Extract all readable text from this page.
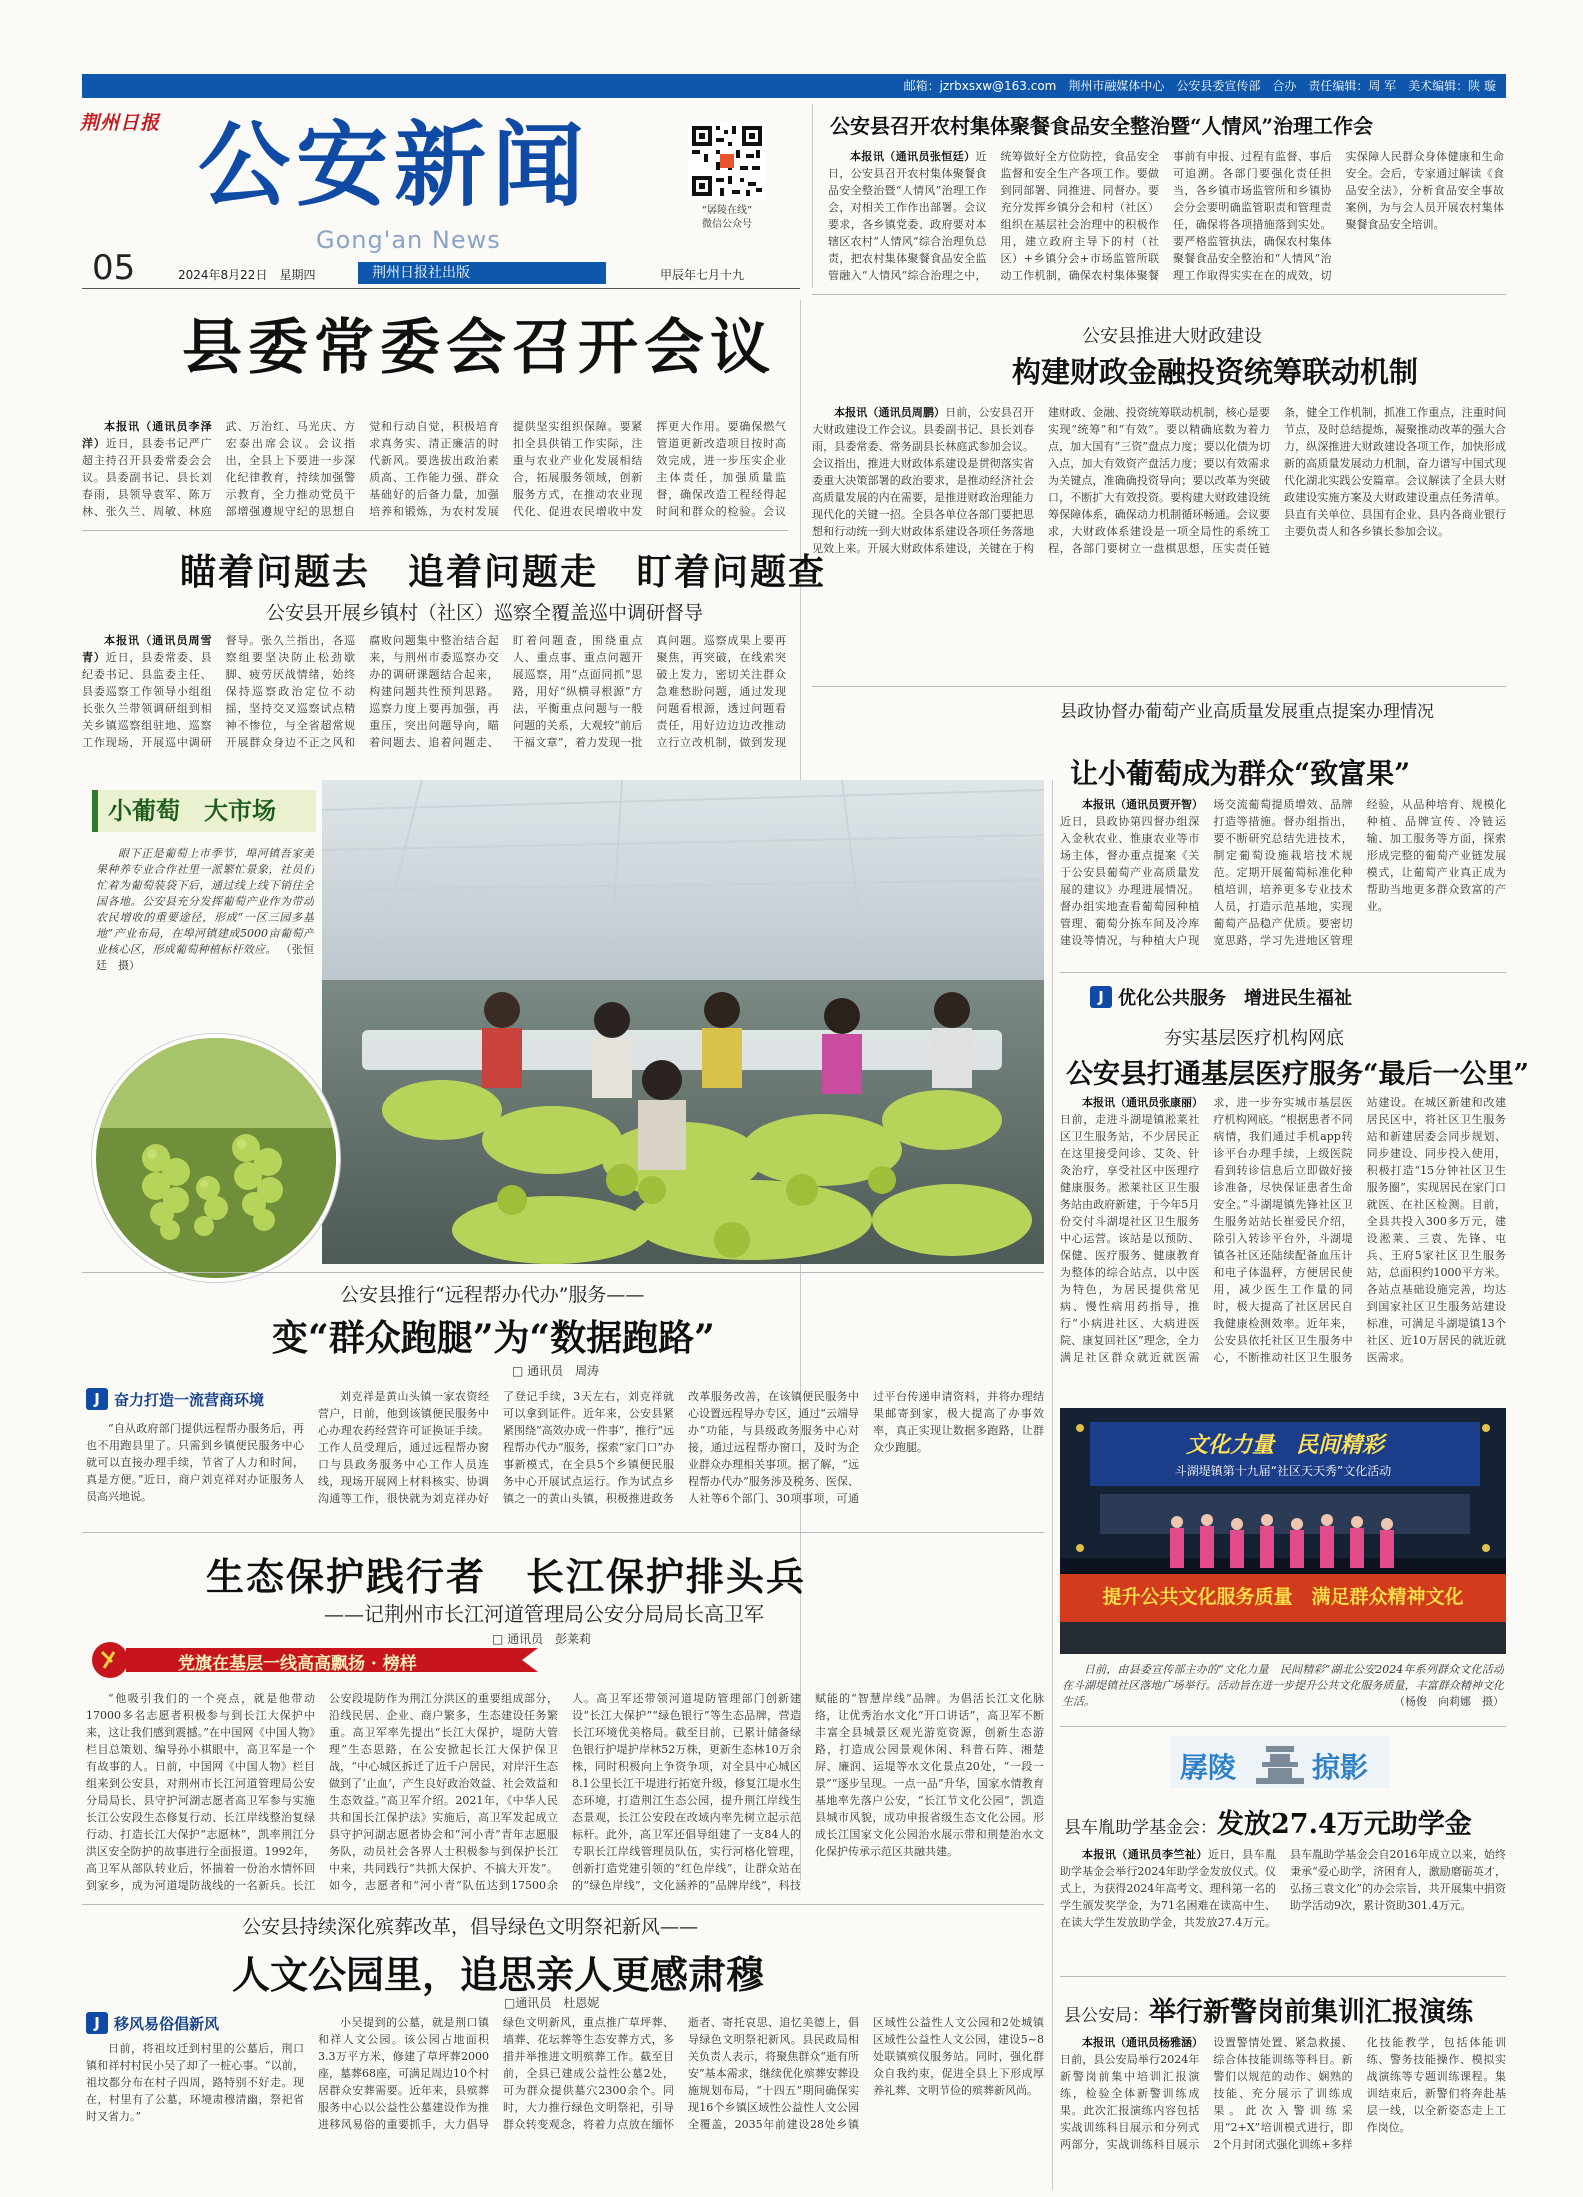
邮箱：jzrbxsxw@163.com　荆州市融媒体中心　公安县委宣传部　合办　责任编辑：周 军　美术编辑：陕 璇
荆州日报 公安新闻
Gong'an News
“孱陵在线”
微信公众号
05	2024年8月22日　星期四	荆州日报社出版	甲辰年七月十九
公安县召开农村集体聚餐食品安全整治暨“人情风”治理工作会
本报讯（通讯员张恒廷）近日，公安县召开农村集体聚餐食品安全整治暨“人情风”治理工作会，对相关工作作出部署。会议要求，各乡镇党委、政府要对本辖区农村“人情风”综合治理负总责，把农村集体聚餐食品安全监管融入“人情风”综合治理之中，统筹做好全方位防控，食品安全监督和安全生产各项工作。要做到同部署、同推进、同督办。要充分发挥乡镇分会和村（社区）组织在基层社会治理中的积极作用，建立政府主导下的村（社区）+乡镇分会+市场监管所联动工作机制，确保农村集体聚餐事前有申报、过程有监督、事后可追溯。各部门要强化责任担当，各乡镇市场监管所和乡镇协会分会要明确监管职责和管理责任，确保将各项措施落到实处。要严格监管执法，确保农村集体聚餐食品安全整治和“人情风”治理工作取得实实在在的成效，切实保障人民群众身体健康和生命安全。会后，专家通过解读《食品安全法》，分析食品安全事故案例，为与会人员开展农村集体聚餐食品安全培训。
县委常委会召开会议
本报讯（通讯员李泽洋）近日，县委书记严广超主持召开县委常委会会议。县委副书记、县长刘春雨，县领导袁军、陈万林、张久兰、周敏、林庭武、万治红、马光庆、方宏泰出席会议。会议指出，全县上下要进一步深化纪律教育，持续加强警示教育，全力推动党员干部增强遵规守纪的思想自觉和行动自觉，积极培育求真务实、清正廉洁的时代新风。要选拔出政治素质高、工作能力强、群众基础好的后备力量，加强培养和锻炼，为农村发展提供坚实组织保障。要紧扣全县供销工作实际，注重与农业产业化发展相结合，拓展服务领域，创新服务方式，在推动农业现代化、促进农民增收中发挥更大作用。要确保燃气管道更新改造项目按时高效完成，进一步压实企业主体责任，加强质量监督，确保改造工程经得起时间和群众的检验。会议
公安县推进大财政建设
构建财政金融投资统筹联动机制
本报讯（通讯员周鹏）日前，公安县召开大财政建设工作会议。县委副书记、县长刘春雨，县委常委、常务副县长林庭武参加会议。会议指出，推进大财政体系建设是贯彻落实省委重大决策部署的政治要求，是推动经济社会高质量发展的内在需要，是推进财政治理能力现代化的关键一招。全县各单位各部门要把思想和行动统一到大财政体系建设各项任务落地见效上来。开展大财政体系建设，关键在于构建财政、金融、投资统筹联动机制，核心是要实现“统筹”和“有效”。要以精确底数为着力点，加大国有“三资”盘点力度；要以化债为切入点，加大有效资产盘活力度；要以有效需求为关键点，准确确投资导向；要以改革为突破口，不断扩大有效投资。要构建大财政建设统筹保障体系，确保动力机制循环畅通。会议要求，大财政体系建设是一项全局性的系统工程，各部门要树立一盘棋思想，压实责任链条，健全工作机制，抓准工作重点，注重时间节点，及时总结提炼，凝聚推动改革的强大合力，纵深推进大财政建设各项工作，加快形成新的高质量发展动力机制，奋力谱写中国式现代化湖北实践公安篇章。会议解读了全县大财政建设实施方案及大财政建设重点任务清单。县直有关单位、县国有企业、县内各商业银行主要负责人和各乡镇长参加会议。
瞄着问题去　追着问题走　盯着问题查
公安县开展乡镇村（社区）巡察全覆盖巡中调研督导
本报讯（通讯员周雪青）近日，县委常委、县纪委书记、县监委主任、县委巡察工作领导小组组长张久兰带领调研组到相关乡镇巡察组驻地、巡察工作现场，开展巡中调研督导。张久兰指出，各巡察组要坚决防止松劲歇脚、疲劳厌战情绪，始终保持巡察政治定位不动摇，坚持交叉巡察试点精神不惨位，与全省超常规开展群众身边不正之风和腐败问题集中整治结合起来，与荆州市委巡察办交办的调研课题结合起来，构建问题共性预判思路。巡察力度上要再加强，再重压，突出问题导向，瞄着问题去、追着问题走、盯着问题查，围绕重点人、重点事、重点问题开展巡察，用“点面同抓”思路，用好“纵横寻根源”方法，平衡重点问题与一般问题的关系，大观较“前后干福文章”，着力发现一批真问题。巡察成果上要再聚焦，再突破，在线索突破上发力，密切关注群众急难愁盼问题，通过发现问题看根源，透过问题看责任，用好边边边改推动立行立改机制，做到发现
县政协督办葡萄产业高质量发展重点提案办理情况
让小葡萄成为群众“致富果”
本报讯（通讯员贾开智）近日，县政协第四督办组深入金秋农业、惟康农业等市场主体，督办重点提案《关于公安县葡萄产业高质量发展的建议》办理进展情况。督办组实地查看葡萄园种植管理、葡萄分拣车间及冷库建设等情况，与种植大户现场交流葡萄提质增效、品牌打造等措施。督办组指出，要不断研究总结先进技术，制定葡萄设施栽培技术规范。定期开展葡萄标准化种植培训，培养更多专业技术人员，打造示范基地，实现葡萄产品稳产优质。要密切宽思路，学习先进地区管理经验，从品种培育、规模化种植、品牌宣传、冷链运输、加工服务等方面，探索形成完整的葡萄产业链发展模式，让葡萄产业真正成为帮助当地更多群众致富的产业。
小葡萄　大市场
眼下正是葡萄上市季节，埠河镇吾家美果种养专业合作社里一派繁忙景象，社员们忙着为葡萄装袋下后，通过线上线下销往全国各地。公安县充分发挥葡萄产业作为带动农民增收的重要途径，形成“一区三园多基地”产业布局，在埠河镇建成5000亩葡萄产业核心区，形成葡萄种植标杆效应。 （张恒廷　摄）
J 优化公共服务　增进民生福祉
夯实基层医疗机构网底
公安县打通基层医疗服务“最后一公里”
本报讯（通讯员张康丽）日前，走进斗湖堤镇淞莱社区卫生服务站，不少居民正在这里接受问诊、艾灸、针灸治疗，享受社区中医理疗健康服务。淞莱社区卫生服务站由政府新建，于今年5月份交付斗湖堤社区卫生服务中心运营。该站是以预防、保健、医疗服务、健康教育为整体的综合站点，以中医为特色，为居民提供常见病、慢性病用药指导，推行“小病进社区、大病进医院、康复回社区”理念，全力满足社区群众就近就医需求，进一步夯实城市基层医疗机构网底。“根据患者不同病情，我们通过手机app转诊平台办理手续，上级医院看到转诊信息后立即做好接诊准备，尽快保证患者生命安全。”斗湖堤镇先锋社区卫生服务站站长崔爱民介绍，除引入转诊平台外，斗湖堤镇各社区还陆续配备血压计和电子体温秤，方便居民使用，减少医生工作量的同时，极大提高了社区居民自我健康检测效率。近年来，公安县依托社区卫生服务中心，不断推动社区卫生服务站建设。在城区新建和改建居民区中，将社区卫生服务站和新建居委会同步规划、同步建设、同步投入使用，积极打造“15分钟社区卫生服务圈”，实现居民在家门口就医、在社区检测。目前，全县共投入300多万元，建设淞莱、三袁、先锋、屯兵、王府5家社区卫生服务站，总面积约1000平方米。各站点基础设施完善，均达到国家社区卫生服务站建设标准，可满足斗湖堤镇13个社区、近10万居民的就近就医需求。
公安县推行“远程帮办代办”服务——
变“群众跑腿”为“数据跑路”
□ 通讯员　周涛
J 奋力打造一流营商环境
“自从政府部门提供远程帮办服务后，再也不用跑县里了。只需到乡镇便民服务中心就可以直接办理手续，节省了人力和时间，真是方便。”近日，商户刘克祥对办证服务人员高兴地说。
刘克祥是黄山头镇一家农资经营户，日前，他到该镇便民服务中心办理农药经营许可证换证手续。工作人员受理后，通过远程帮办窗口与县政务服务中心工作人员连线，现场开展网上材料核实、协调沟通等工作，很快就为刘克祥办好了登记手续，3天左右，刘克祥就可以拿到证件。近年来，公安县紧紧围绕“高效办成一件事”，推行“远程帮办代办”服务，探索“家门口”办事新模式，在全县5个乡镇便民服务中心开展试点运行。作为试点乡镇之一的黄山头镇，积极推进政务改革服务改善，在该镇便民服务中心设置远程导办专区，通过“云端导办”功能，与县级政务服务中心对接，通过远程帮办窗口，及时为企业群众办理相关事项。据了解，“远程帮办代办”服务涉及税务、医保、人社等6个部门、30项事项，可通过平台传递申请资料，并将办理结果邮寄到家，极大提高了办事效率，真正实现让数据多跑路，让群众少跑腿。	文化力量　民间精彩
斗湖堤镇第十九届“社区天天秀”文化活动
提升公共文化服务质量　满足群众精神文化
日前，由县委宣传部主办的“文化力量　民间精彩”湖北公安2024年系列群众文化活动在斗湖堤镇社区落地广场举行。活动旨在进一步提升公共文化服务质量，丰富群众精神文化生活。	（杨俊　向莉娜　摄）
生态保护践行者　长江保护排头兵
——记荆州市长江河道管理局公安分局局长高卫军
□ 通讯员　彭莱莉
党旗在基层一线高高飘扬 · 榜样
“他吸引我们的一个亮点，就是他带动17000多名志愿者积极参与到长江大保护中来，这让我们感到震撼。”在中国网《中国人物》栏目总策划、编导孙小棋眼中，高卫军是一个有故事的人。日前，中国网《中国人物》栏目组来到公安县，对荆州市长江河道管理局公安分局局长、县守护河湖志愿者高卫军参与实施长江公安段生态修复行动、长江岸线整治复绿行动、打造长江大保护“志愿林”，凯率荆江分洪区安全防护的故事进行全面报道。1992年，高卫军从部队转业后，怀揣着一份治水情怀回到家乡，成为河道堤防战线的一名新兵。长江公安段堤防作为荆江分洪区的重要组成部分，沿线民居、企业、商户繁多，生态建设任务繁重。高卫军率先提出“长江大保护，堤防大管理”生态思路，在公安掀起长江大保护保卫战，“中心城区拆迁了近千户居民，对岸汗生态做到了‘止血’，产生良好政治效益、社会效益和生态效益。”高卫军介绍。2021年，《中华人民共和国长江保护法》实施后，高卫军发起成立县守护河湖志愿者协会和“河小青”青年志愿服务队，动员社会各界人士积极参与到保护长江中来，共同践行“共抓大保护、不搞大开发”。如今，志愿者和“河小青”队伍达到17500余人。高卫军还带领河道堤防管理部门创新建设“长江大保护”“绿色银行”等生态品牌，营造长江环境优美格局。截至目前，已累计储备绿色银行护堤护岸林52万株，更新生态林10万余株，同时积极向上争资争项，对全县中心城区8.1公里长江干堤进行拓宽升级，修复江堤水生态环境，打造荆江生态公园，提升荆江岸线生态景观，长江公安段在改域内率先树立起示范标杆。此外，高卫军还倡导组建了一支84人的专职长江岸线管理员队伍，实行河格化管理，创新打造党建引领的“红色岸线”，让群众站在的“绿色岸线”，文化涵养的“品牌岸线”，科技赋能的“智慧岸线”品牌。为倡活长江文化脉络，让优秀治水文化“开口讲话”，高卫军不断丰富全县城景区观光游览资源，创新生态游路，打造成公园景观休闲、科普石阵、湘楚屏、廉润、运堤等水文化景点20处，“一段一景”“逐步呈现。一点一品”升华，国家水情教育基地率先落户公安，“长江节文化公园”，凯造县城市风貌，成功申报省级生态文化公园。形成长江国家文化公园治水展示带和荆楚治水文化保护传承示范区共融共建。
公安县持续深化殡葬改革，倡导绿色文明祭祀新风——
人文公园里，追思亲人更感肃穆
□通讯员　杜恩妮
J 移风易俗倡新风
日前，将祖坟迁到村里的公墓后，荆口镇和祥村村民小吴了却了一桩心事。“以前，祖坟都分布在村子四周，路特别不好走。现在，村里有了公墓，环境肃穆清幽，祭祀省时又省力。”
小吴提到的公墓，就是荆口镇和祥人文公园。该公园占地面积3.3万平方米，修建了草坪葬2000座，墓葬68座，可满足周边10个村居群众安葬需要。近年来，县殡葬服务中心以公益性公墓建设作为推进移风易俗的重要抓手，大力倡导绿色文明新风，重点推广草坪葬、墙葬、花坛葬等生态安葬方式，多措并举推进文明殡葬工作。截至目前，全县已建成公益性公墓2处，可为群众提供墓穴2300余个。同时，大力推行绿色文明祭祀，引导群众转变观念，将着力点放在缅怀逝者、寄托哀思、追忆美德上，倡导绿色文明祭祀新风。县民政局相关负责人表示，将聚焦群众“逝有所安”基本需求，继续优化殡葬安葬设施规划布局，“十四五”期间确保实现16个乡镇区域性公益性人文公园全覆盖，2035年前建设28处乡镇区域性公益性人文公园和2处城镇区域性公益性人文公园，建设5~8处联镇殡仪服务站。同时，强化群众自我约束，促进全县上下形成厚养礼葬、文明节俭的殡葬新风尚。
孱陵	掠影
县车胤助学基金会：发放27.4万元助学金
本报讯（通讯员李竺祉）近日，县车胤助学基金会举行2024年助学金发放仪式。仪式上，为获得2024年高考文、理科第一名的学生颁发奖学金，为71名困难在读高中生、在读大学生发放助学金，共发放27.4万元。县车胤助学基金会自2016年成立以来，始终秉承“爱心助学，济困育人，激励磨砺英才，弘扬三袁文化”的办会宗旨，共开展集中捐资助学活动9次，累计资助301.4万元。
县公安局：举行新警岗前集训汇报演练
本报讯（通讯员杨雅涵）日前，县公安局举行2024年新警岗前集中培训汇报演练，检验全体新警训练成果。此次汇报演练内容包括实战训练科目展示和分列式两部分，实战训练科目展示设置警情处置、紧急救援、综合体技能训练等科目。新警们以规范的动作、娴熟的技能、充分展示了训练成果。此次入警训练采用“2+X”培训模式进行，即2个月封闭式强化训练+多样化技能教学，包括体能训练、警务技能操作、模拟实战演练等专题训练课程。集训结束后，新警们将奔赴基层一线，以全新姿态走上工作岗位。
